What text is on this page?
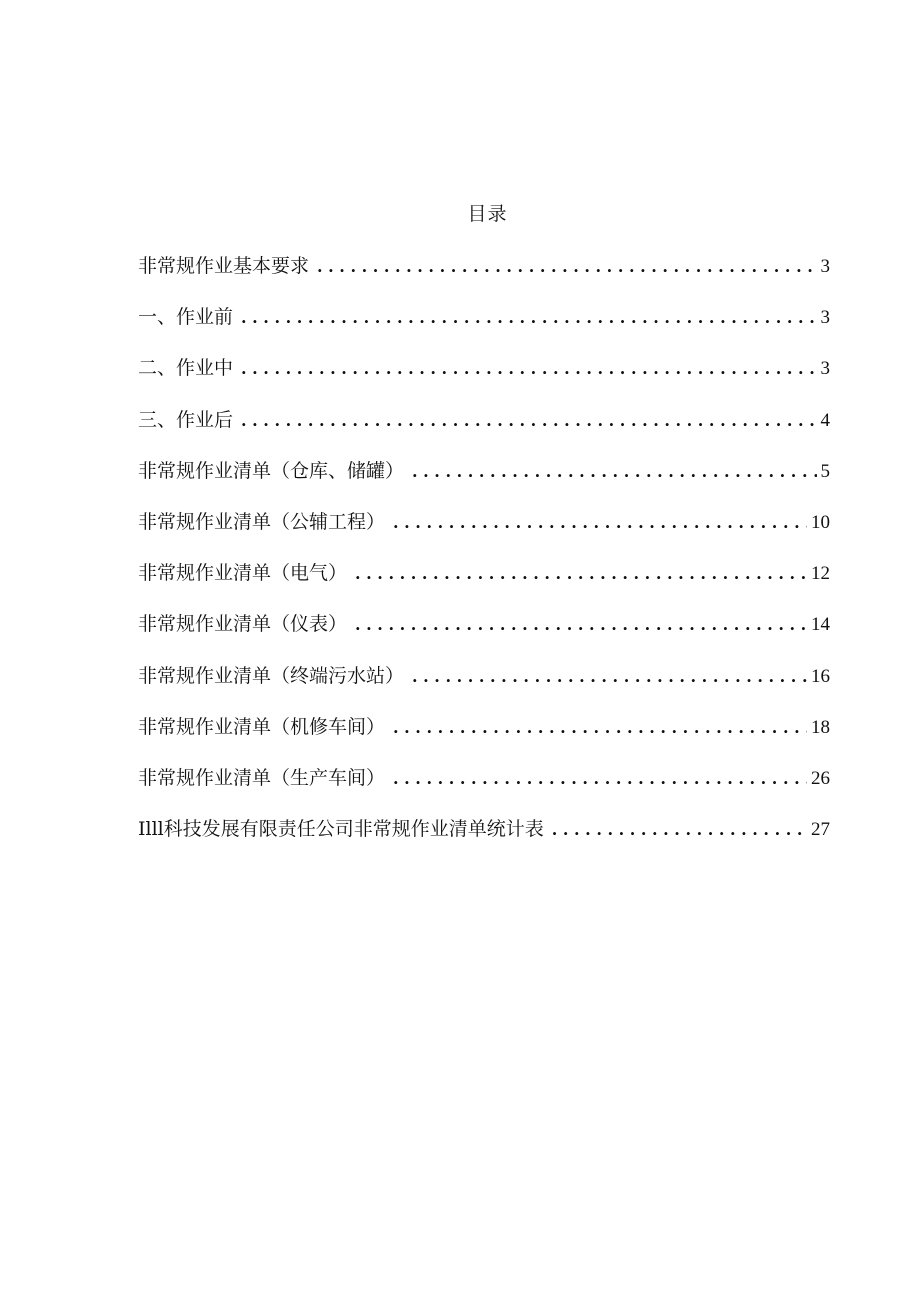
目录
非常规作业基本要求 . . .	3
一、作业前 . . .	3
二、作业中 . . .	3
三、作业后 . . .	4
非常规作业清单（仓库、储罐） . . .	5
非常规作业清单（公辅工程） . . .	10
非常规作业清单（电气） . . .	12
非常规作业清单（仪表） . . .	14
非常规作业清单（终端污水站） . . .	16
非常规作业清单（机修车间） . . .	18
非常规作业清单（生产车间） . . .	26
Illl科技发展有限责任公司非常规作业清单统计表 . . .	27
